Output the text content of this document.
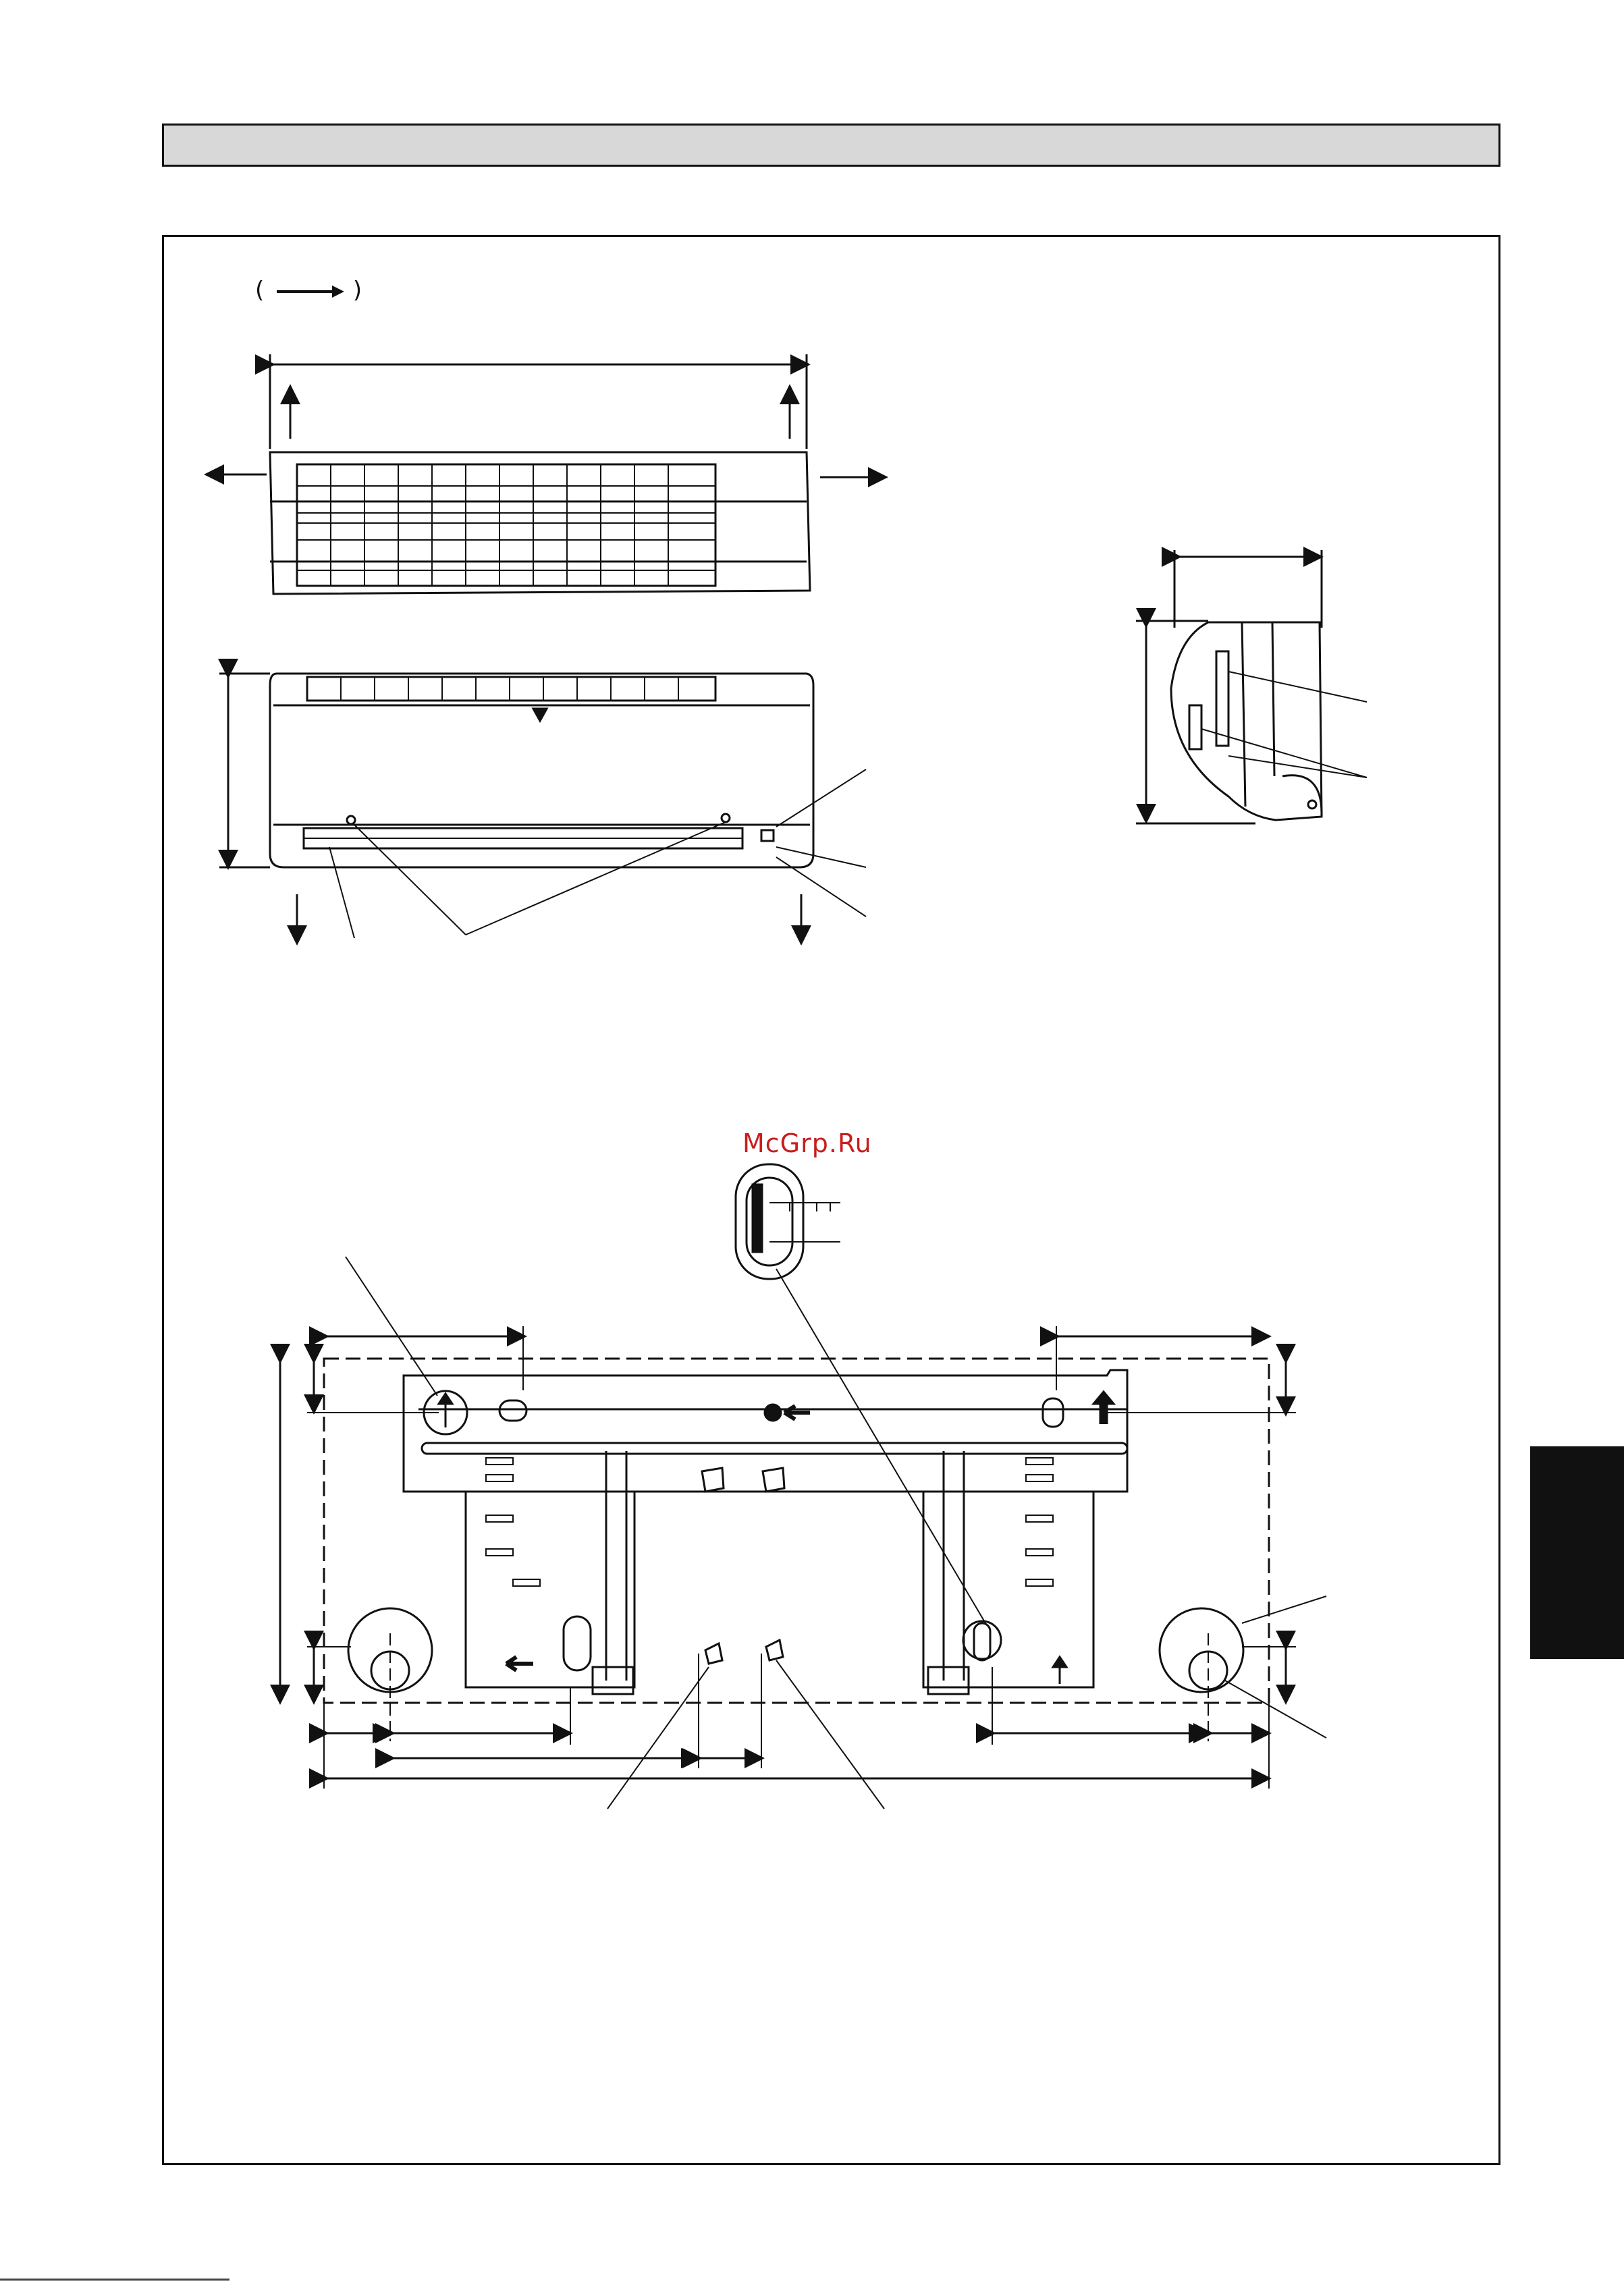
(	)
McGrp.Ru
